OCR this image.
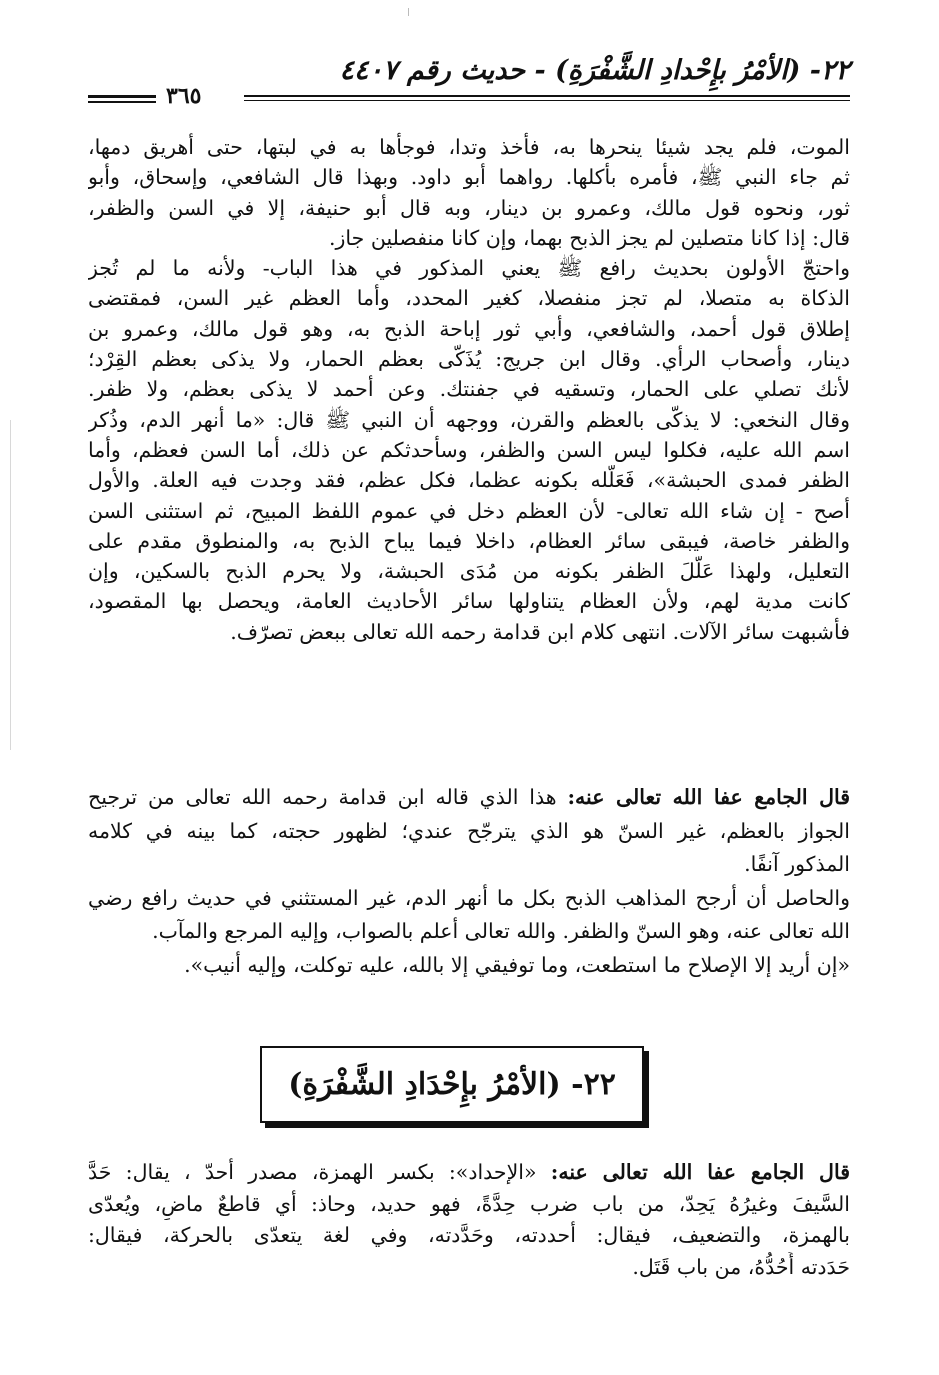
٢٢- (الأمْرُ بإِحْدادِ الشَّفْرَةِ) - حديث رقم ٤٤٠٧
٣٦٥
الموت، فلم يجد شيئا ينحرها به، فأخذ وتدا، فوجأها به في لبتها، حتى أهريق دمها،
ثم جاء النبي ﷺ، فأمره بأكلها. رواهما أبو داود. وبهذا قال الشافعي، وإسحاق، وأبو
ثور، ونحوه قول مالك، وعمرو بن دينار، وبه قال أبو حنيفة، إلا في السن والظفر،
قال: إذا كانا متصلين لم يجز الذبح بهما، وإن كانا منفصلين جاز.
واحتجّ الأولون بحديث رافع ﷺ يعني المذكور في هذا الباب- ولأنه ما لم تُجز
الذكاة به متصلا، لم تجز منفصلا، كغير المحدد، وأما العظم غير السن، فمقتضى
إطلاق قول أحمد، والشافعي، وأبي ثور إباحة الذبح به، وهو قول مالك، وعمرو بن
دينار، وأصحاب الرأي. وقال ابن جريج: يُذَكّى بعظم الحمار، ولا يذكى بعظم القِرْد؛
لأنك تصلي على الحمار، وتسقيه في جفنتك. وعن أحمد لا يذكى بعظم، ولا ظفر.
وقال النخعي: لا يذكّى بالعظم والقرن، ووجهه أن النبي ﷺ قال: «ما أنهر الدم، وذُكر
اسم الله عليه، فكلوا ليس السن والظفر، وسأحدثكم عن ذلك، أما السن فعظم، وأما
الظفر فمدى الحبشة»، فَعَلَّله بكونه عظما، فكل عظم، فقد وجدت فيه العلة. والأول
أصح - إن شاء الله تعالى- لأن العظم دخل في عموم اللفظ المبيح، ثم استثنى السن
والظفر خاصة، فيبقى سائر العظام، داخلا فيما يباح الذبح به، والمنطوق مقدم على
التعليل، ولهذا عَلّلَ الظفر بكونه من مُدَى الحبشة، ولا يحرم الذبح بالسكين، وإن
كانت مدية لهم، ولأن العظام يتناولها سائر الأحاديث العامة، ويحصل بها المقصود،
فأشبهت سائر الآلات. انتهى كلام ابن قدامة رحمه الله تعالى ببعض تصرّف.
قال الجامع عفا الله تعالى عنه: هذا الذي قاله ابن قدامة رحمه الله تعالى من ترجيح
الجواز بالعظم، غير السنّ هو الذي يترجّح عندي؛ لظهور حجته، كما بينه في كلامه
المذكور آنفًا.
والحاصل أن أرجح المذاهب الذبح بكل ما أنهر الدم، غير المستثني في حديث رافع رضي
الله تعالى عنه، وهو السنّ والظفر. والله تعالى أعلم بالصواب، وإليه المرجع والمآب.
«إن أريد إلا الإصلاح ما استطعت، وما توفيقي إلا بالله، عليه توكلت، وإليه أنيب».
٢٢- (الأمْرُ بإِحْدَادِ الشَّفْرَةِ)
قال الجامع عفا الله تعالى عنه: «الإحداد»: بكسر الهمزة، مصدر أحدّ ، يقال: حَدَّ
السَّيفَ وغيرُهُ يَحِدّ، من باب ضرب حِدَّةً، فهو حديد، وحاذ: أي قاطعٌ ماضٍ، ويُعدّى
بالهمزة، والتضعيف، فيقال: أحددته، وحَدَّدته، وفي لغة يتعدّى بالحركة، فيقال:
حَدَدته أَحُدُّهُ، من باب قَتَل.
